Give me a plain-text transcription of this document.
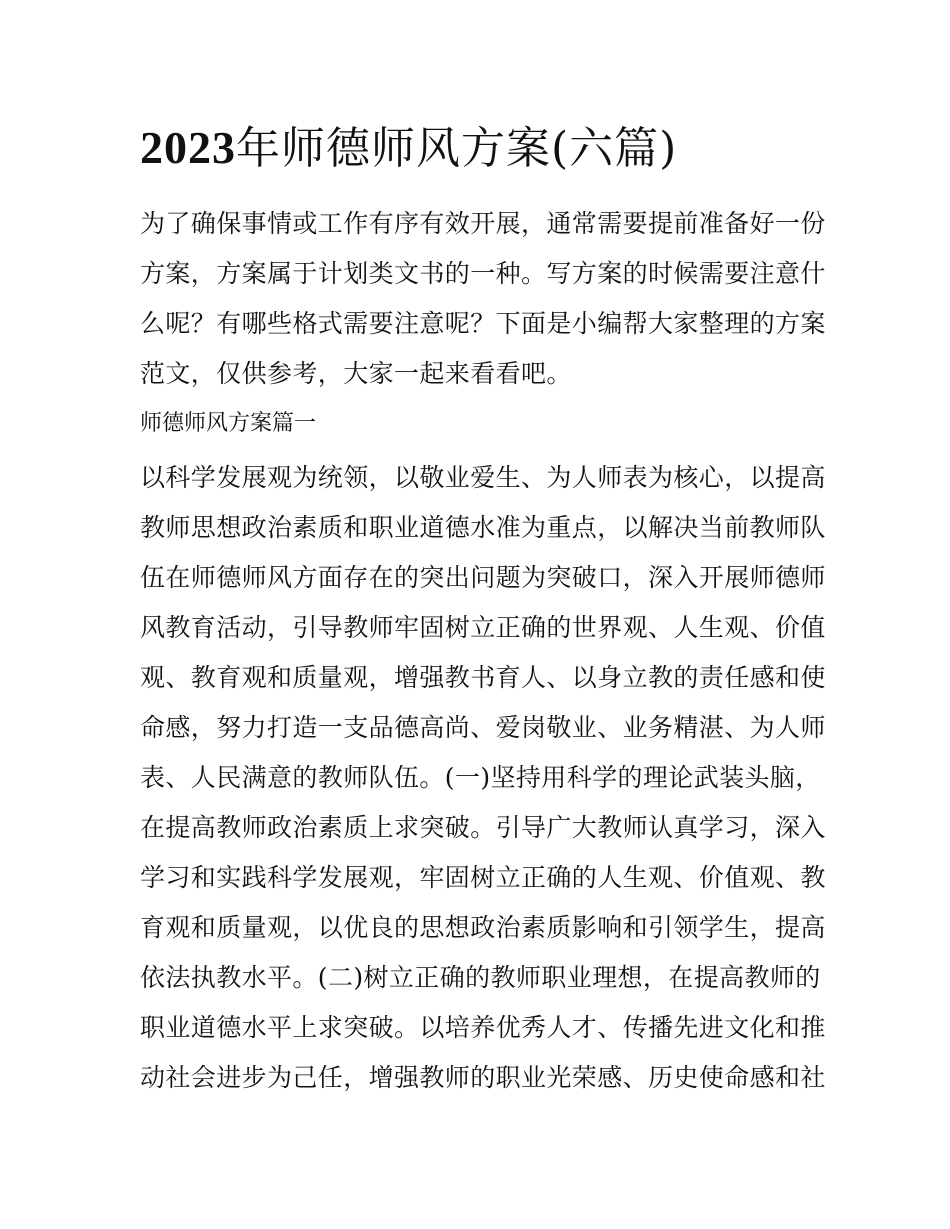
2023年师德师风方案(六篇)
为了确保事情或工作有序有效开展，通常需要提前准备好一份
方案，方案属于计划类文书的一种。写方案的时候需要注意什
么呢？有哪些格式需要注意呢？下面是小编帮大家整理的方案
范文，仅供参考，大家一起来看看吧。
师德师风方案篇一
以科学发展观为统领，以敬业爱生、为人师表为核心，以提高
教师思想政治素质和职业道德水准为重点，以解决当前教师队
伍在师德师风方面存在的突出问题为突破口，深入开展师德师
风教育活动，引导教师牢固树立正确的世界观、人生观、价值
观、教育观和质量观，增强教书育人、以身立教的责任感和使
命感，努力打造一支品德高尚、爱岗敬业、业务精湛、为人师
表、人民满意的教师队伍。(一)坚持用科学的理论武装头脑，
在提高教师政治素质上求突破。引导广大教师认真学习，深入
学习和实践科学发展观，牢固树立正确的人生观、价值观、教
育观和质量观，以优良的思想政治素质影响和引领学生，提高
依法执教水平。(二)树立正确的教师职业理想，在提高教师的
职业道德水平上求突破。以培养优秀人才、传播先进文化和推
动社会进步为己任，增强教师的职业光荣感、历史使命感和社
